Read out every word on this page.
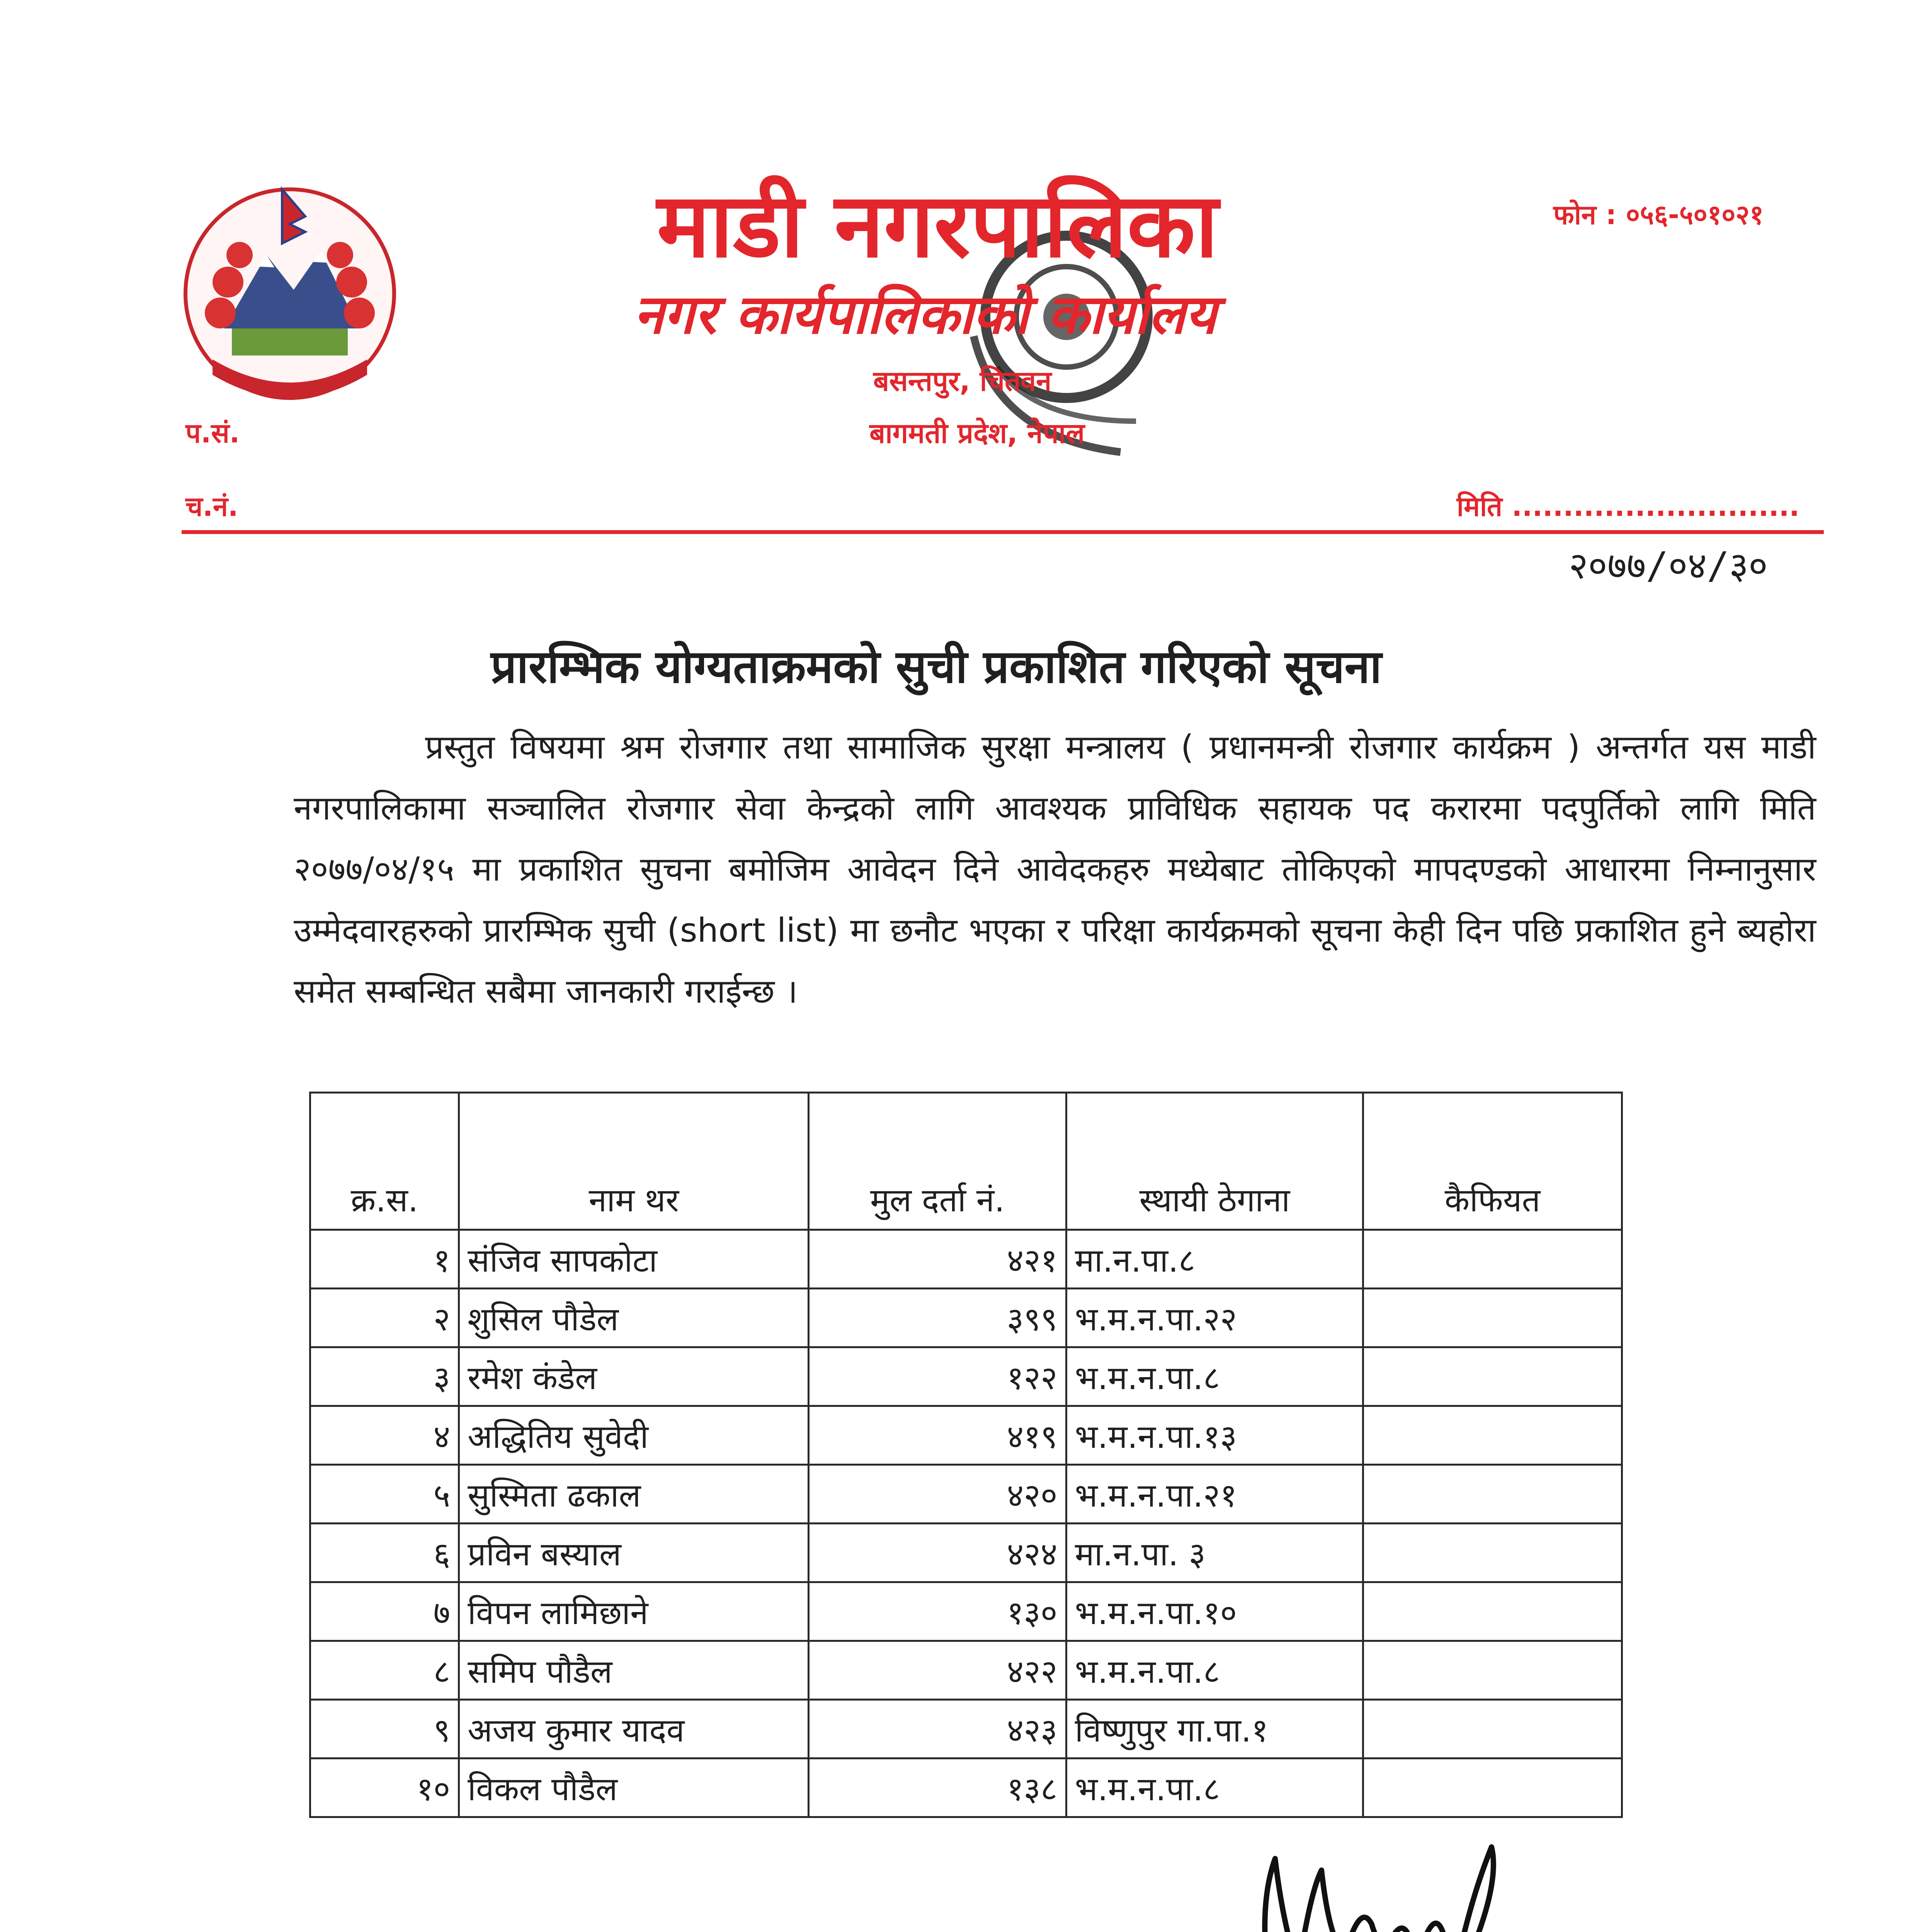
माडी नगरपालिका
नगर कार्यपालिकाको कार्यालय
बसन्तपुर, चितवन
बागमती प्रदेश, नेपाल
फोन : ०५६-५०१०२१
प.सं.
च.नं.	मिति ............................
२०७७/०४/३०
प्रारम्भिक योग्यताक्रमको सुची प्रकाशित गरिएको सूचना
प्रस्तुत विषयमा श्रम रोजगार तथा सामाजिक सुरक्षा मन्त्रालय ( प्रधानमन्त्री रोजगार कार्यक्रम ) अन्तर्गत यस माडी नगरपालिकामा सञ्चालित रोजगार सेवा केन्द्रको लागि आवश्यक प्राविधिक सहायक पद करारमा पदपुर्तिको लागि मिति २०७७/०४/१५ मा प्रकाशित सुचना बमोजिम आवेदन दिने आवेदकहरु मध्येबाट तोकिएको मापदण्डको आधारमा निम्नानुसार उम्मेदवारहरुको प्रारम्भिक सुची (short list) मा छनौट भएका र परिक्षा कार्यक्रमको सूचना केही दिन पछि प्रकाशित हुने ब्यहोरा समेत सम्बन्धित सबैमा जानकारी गराईन्छ ।
क्र.स.	नाम थर	मुल दर्ता नं.	स्थायी ठेगाना	कैफियत
१	संजिव सापकोटा	४२१	मा.न.पा.८	
२	शुसिल पौडेल	३९९	भ.म.न.पा.२२	
३	रमेश कंडेल	१२२	भ.म.न.पा.८	
४	अद्धितिय सुवेदी	४१९	भ.म.न.पा.१३	
५	सुस्मिता ढकाल	४२०	भ.म.न.पा.२१	
६	प्रविन बस्याल	४२४	मा.न.पा. ३	
७	विपन लामिछाने	१३०	भ.म.न.पा.१०	
८	समिप पौडैल	४२२	भ.म.न.पा.८	
९	अजय कुमार यादव	४२३	विष्णुपुर गा.पा.१	
१०	विकल पौडैल	१३८	भ.म.न.पा.८	
